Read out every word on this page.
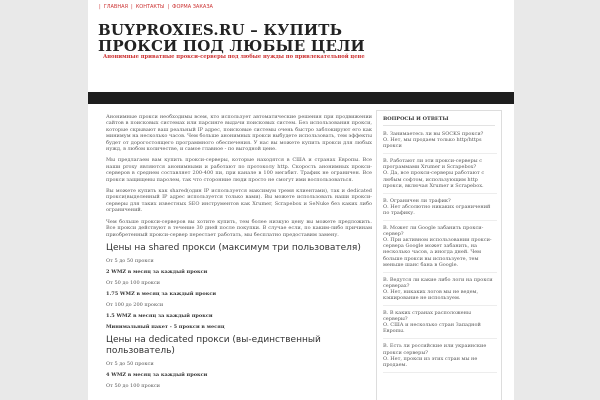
| ГЛАВНАЯ | КОНТАКТЫ | ФОРМА ЗАКАЗА
BUYPROXIES.RU – КУПИТЬ ПРОКСИ ПОД ЛЮБЫЕ ЦЕЛИ
Анонимные приватные прокси-серверы под любые нужды по привлекательной цене

Анонимные прокси необходимы всем, кто использует автоматические решения при продвижении сайтов в поисковых системах или парсинге выдачи поисковых систем. Без использования прокси, которые скрывают ваш реальный IP адрес, поисковые системы очень быстро заблокируют его как минимум на несколько часов. Чем больше анонимных прокси выбудете использовать, тем эффекты будет от дорогостоящего программного обеспечения. У нас вы можете купить прокси для любых нужд, в любом количестве, и самое главное - по выгодной цене.

Мы предлагаем вам купить прокси-серверы, которые находятся в США и странах Европы. Все наши proxy являются анонимными и работают по протоколу http. Скорость анонимных прокси-серверов в среднем составляет 200-400 пи, при канале в 100 мегабит. Трафик не ограничен. Все прокси защищены паролем, так что сторонние люди просто не смогут ими воспользоваться.

Вы можете купить как shared(один IP используется максимум тремя клиентами), так и dedicated прокси(выделенный IP адрес используется только вами). Вы можете использовать наши прокси-серверы для таких известных SEO инструментов как Xrumer, Scrapebox и SeNuke без каких либо ограничений.

Чем больше прокси-серверов вы хотите купить, тем более низкую цену вы можете предложить. Все прокси действуют в течение 30 дней после покупки. В случае если, по каким-либо причинам приобретенный прокси-сервер перестает работать, мы бесплатно предоставим замену.

Цены на shared прокси (максимум три пользователя)
От 5 до 50 прокси
2 WMZ в месяц за каждый прокси
От 50 до 100 прокси
1.75 WMZ в месяц за каждый прокси
От 100 до 200 прокси
1.5 WMZ в месяц за каждый прокси
Минимальный пакет - 5 прокси в месяц
Цены на dedicated прокси (вы-единственный пользователь)
От 5 до 50 прокси
4 WMZ в месяц за каждый прокси
От 50 до 100 прокси
ВОПРОСЫ И ОТВЕТЫ
В. Занимаетесь ли вы SOCKS прокси?
О. Нет, мы продаем только http/https прокси
В. Работают ли эти прокси-серверы с программами Xrumer и Scrapebox?
О. Да, все прокси-серверы работают с любым софтом, использующим http прокси, включая Xrumer и Scrapebox.
В. Ограничен ли трафик?
О. Нет абсолютно никаких ограничений по трафику.
В. Может ли Google забанить прокси-сервер?
О. При активном использовании прокси-сервера Google может забанить, на несколько часов, а иногда дней. Чем больше прокси вы используете, тем меньше шанс бана в Google.
В. Ведутся ли какие либо логи на прокси серверах?
О. Нет, никаких логов мы не ведем, кэширование не используем.
В. В каких странах расположены серверы?
О. США и несколько стран Западной Европы.
В. Есть ли российские или украинские прокси серверы?
О. Нет, прокси из этих стран мы не продаем.
